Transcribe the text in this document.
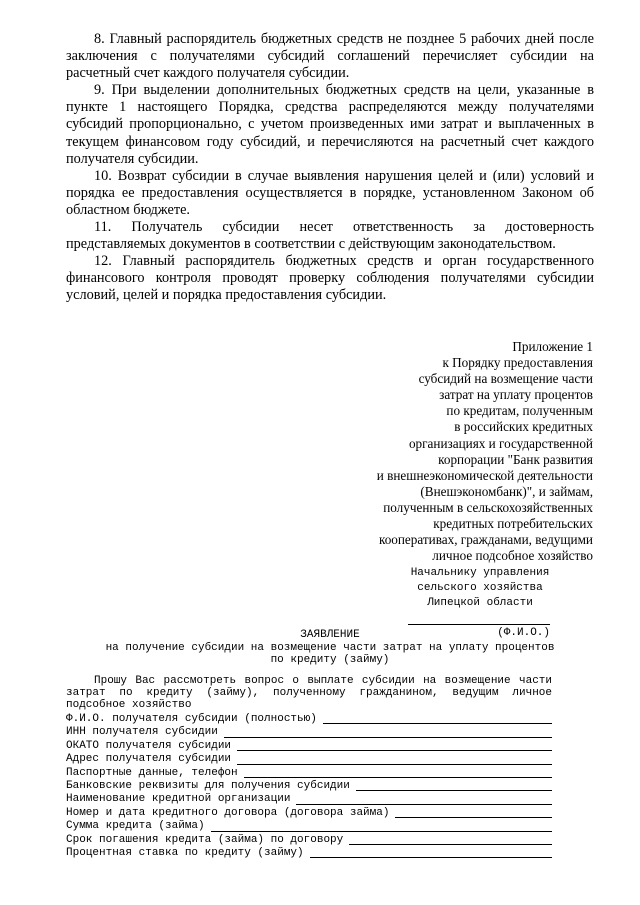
8. Главный распорядитель бюджетных средств не позднее 5 рабочих дней после заключения с получателями субсидий соглашений перечисляет субсидии на расчетный счет каждого получателя субсидии.

9. При выделении дополнительных бюджетных средств на цели, указанные в пункте 1 настоящего Порядка, средства распределяются между получателями субсидий пропорционально, с учетом произведенных ими затрат и выплаченных в текущем финансовом году субсидий, и перечисляются на расчетный счет каждого получателя субсидии.

10. Возврат субсидии в случае выявления нарушения целей и (или) условий и порядка ее предоставления осуществляется в порядке, установленном Законом об областном бюджете.

11. Получатель субсидии несет ответственность за достоверность представляемых документов в соответствии с действующим законодательством.

12. Главный распорядитель бюджетных средств и орган государственного финансового контроля проводят проверку соблюдения получателями субсидии условий, целей и порядка предоставления субсидии.

Приложение 1
к Порядку предоставления
субсидий на возмещение части
затрат на уплату процентов
по кредитам, полученным
в российских кредитных
организациях и государственной
корпорации "Банк развития
и внешнеэкономической деятельности
(Внешэкономбанк)", и займам,
полученным в сельскохозяйственных
кредитных потребительских
кооперативах, гражданами, ведущими
личное подсобное хозяйство
Начальнику управления
сельского хозяйства
Липецкой области
(Ф.И.О.)
ЗАЯВЛЕНИЕ
на получение субсидии на возмещение части затрат на уплату процентов
по кредиту (займу)
Прошу Вас рассмотреть вопрос о выплате субсидии на возмещение части
затрат по кредиту (займу), полученному гражданином, ведущим личное
подсобное хозяйство
Ф.И.О. получателя субсидии (полностью)
ИНН получателя субсидии
ОКАТО получателя субсидии
Адрес получателя субсидии
Паспортные данные, телефон
Банковские реквизиты для получения субсидии
Наименование кредитной организации
Номер и дата кредитного договора (договора займа)
Сумма кредита (займа)
Срок погашения кредита (займа) по договору
Процентная ставка по кредиту (займу)
